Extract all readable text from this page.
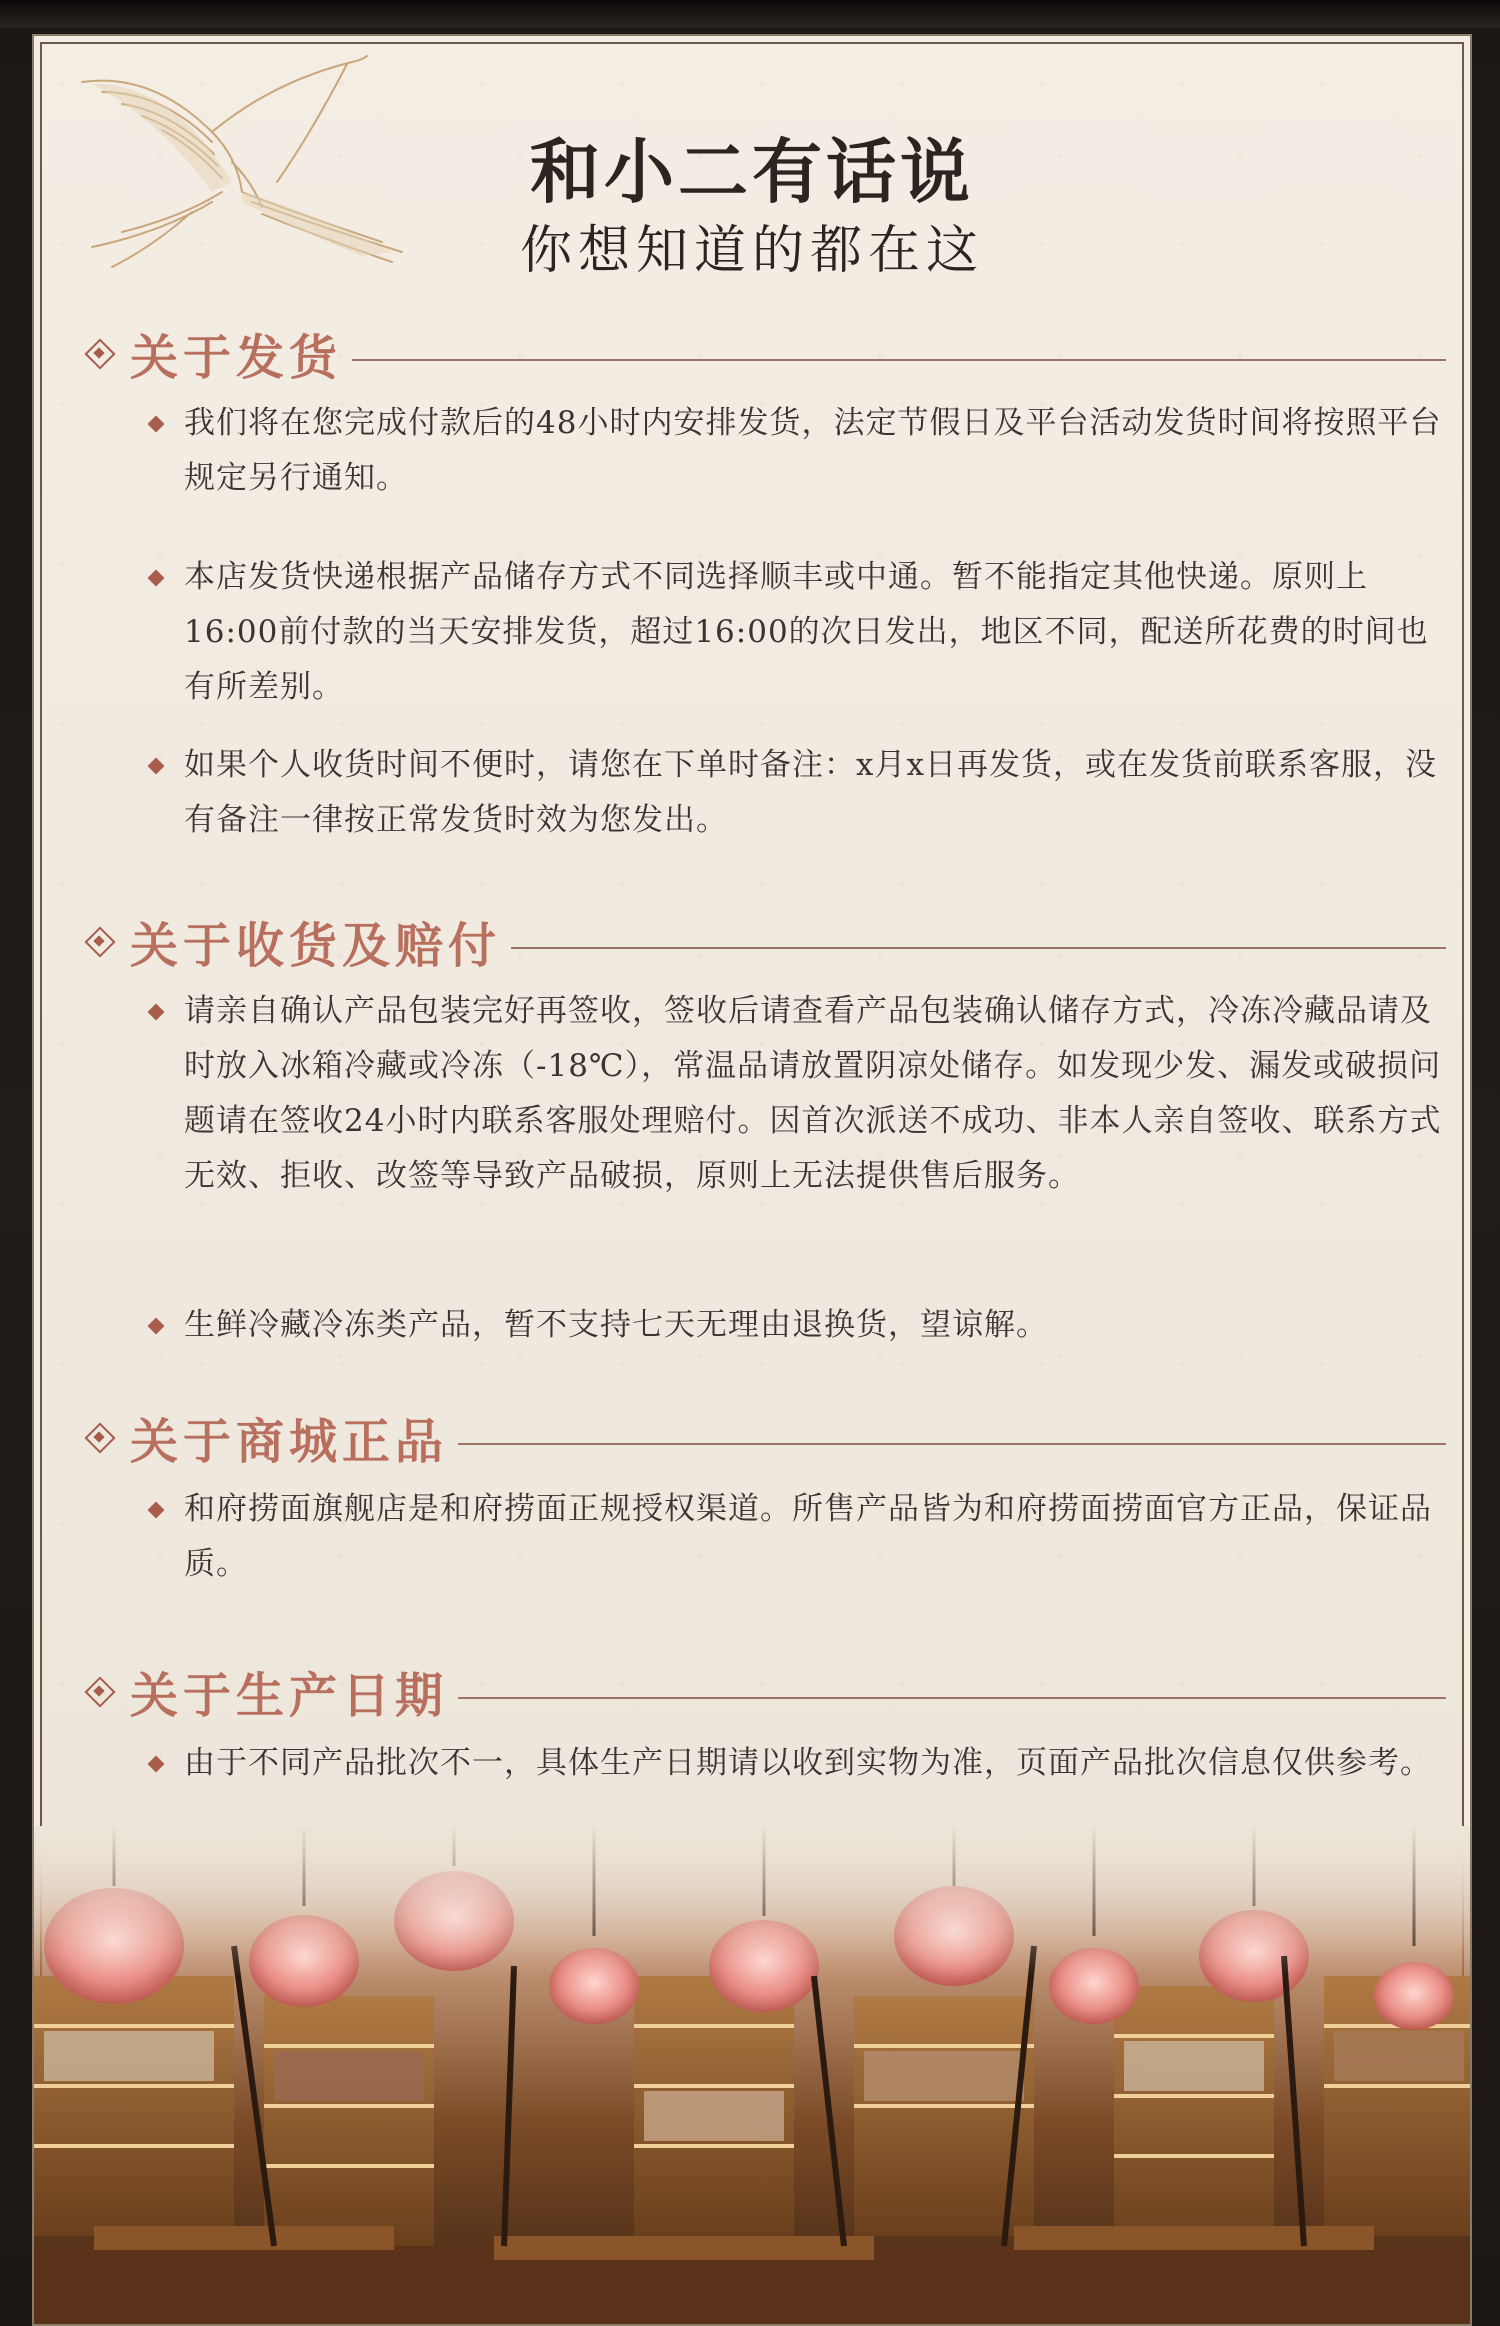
和小二有话说
你想知道的都在这
关于发货
我们将在您完成付款后的48小时内安排发货，法定节假日及平台活动发货时间将按照平台规定另行通知。
本店发货快递根据产品储存方式不同选择顺丰或中通。暂不能指定其他快递。原则上16:00前付款的当天安排发货，超过16:00的次日发出，地区不同，配送所花费的时间也有所差别。
如果个人收货时间不便时，请您在下单时备注：x月x日再发货，或在发货前联系客服，没有备注一律按正常发货时效为您发出。
关于收货及赔付
请亲自确认产品包装完好再签收，签收后请查看产品包装确认储存方式，冷冻冷藏品请及时放入冰箱冷藏或冷冻（-18℃），常温品请放置阴凉处储存。如发现少发、漏发或破损问题请在签收24小时内联系客服处理赔付。因首次派送不成功、非本人亲自签收、联系方式无效、拒收、改签等导致产品破损，原则上无法提供售后服务。
生鲜冷藏冷冻类产品，暂不支持七天无理由退换货，望谅解。
关于商城正品
和府捞面旗舰店是和府捞面正规授权渠道。所售产品皆为和府捞面捞面官方正品，保证品质。
关于生产日期
由于不同产品批次不一，具体生产日期请以收到实物为准，页面产品批次信息仅供参考。
